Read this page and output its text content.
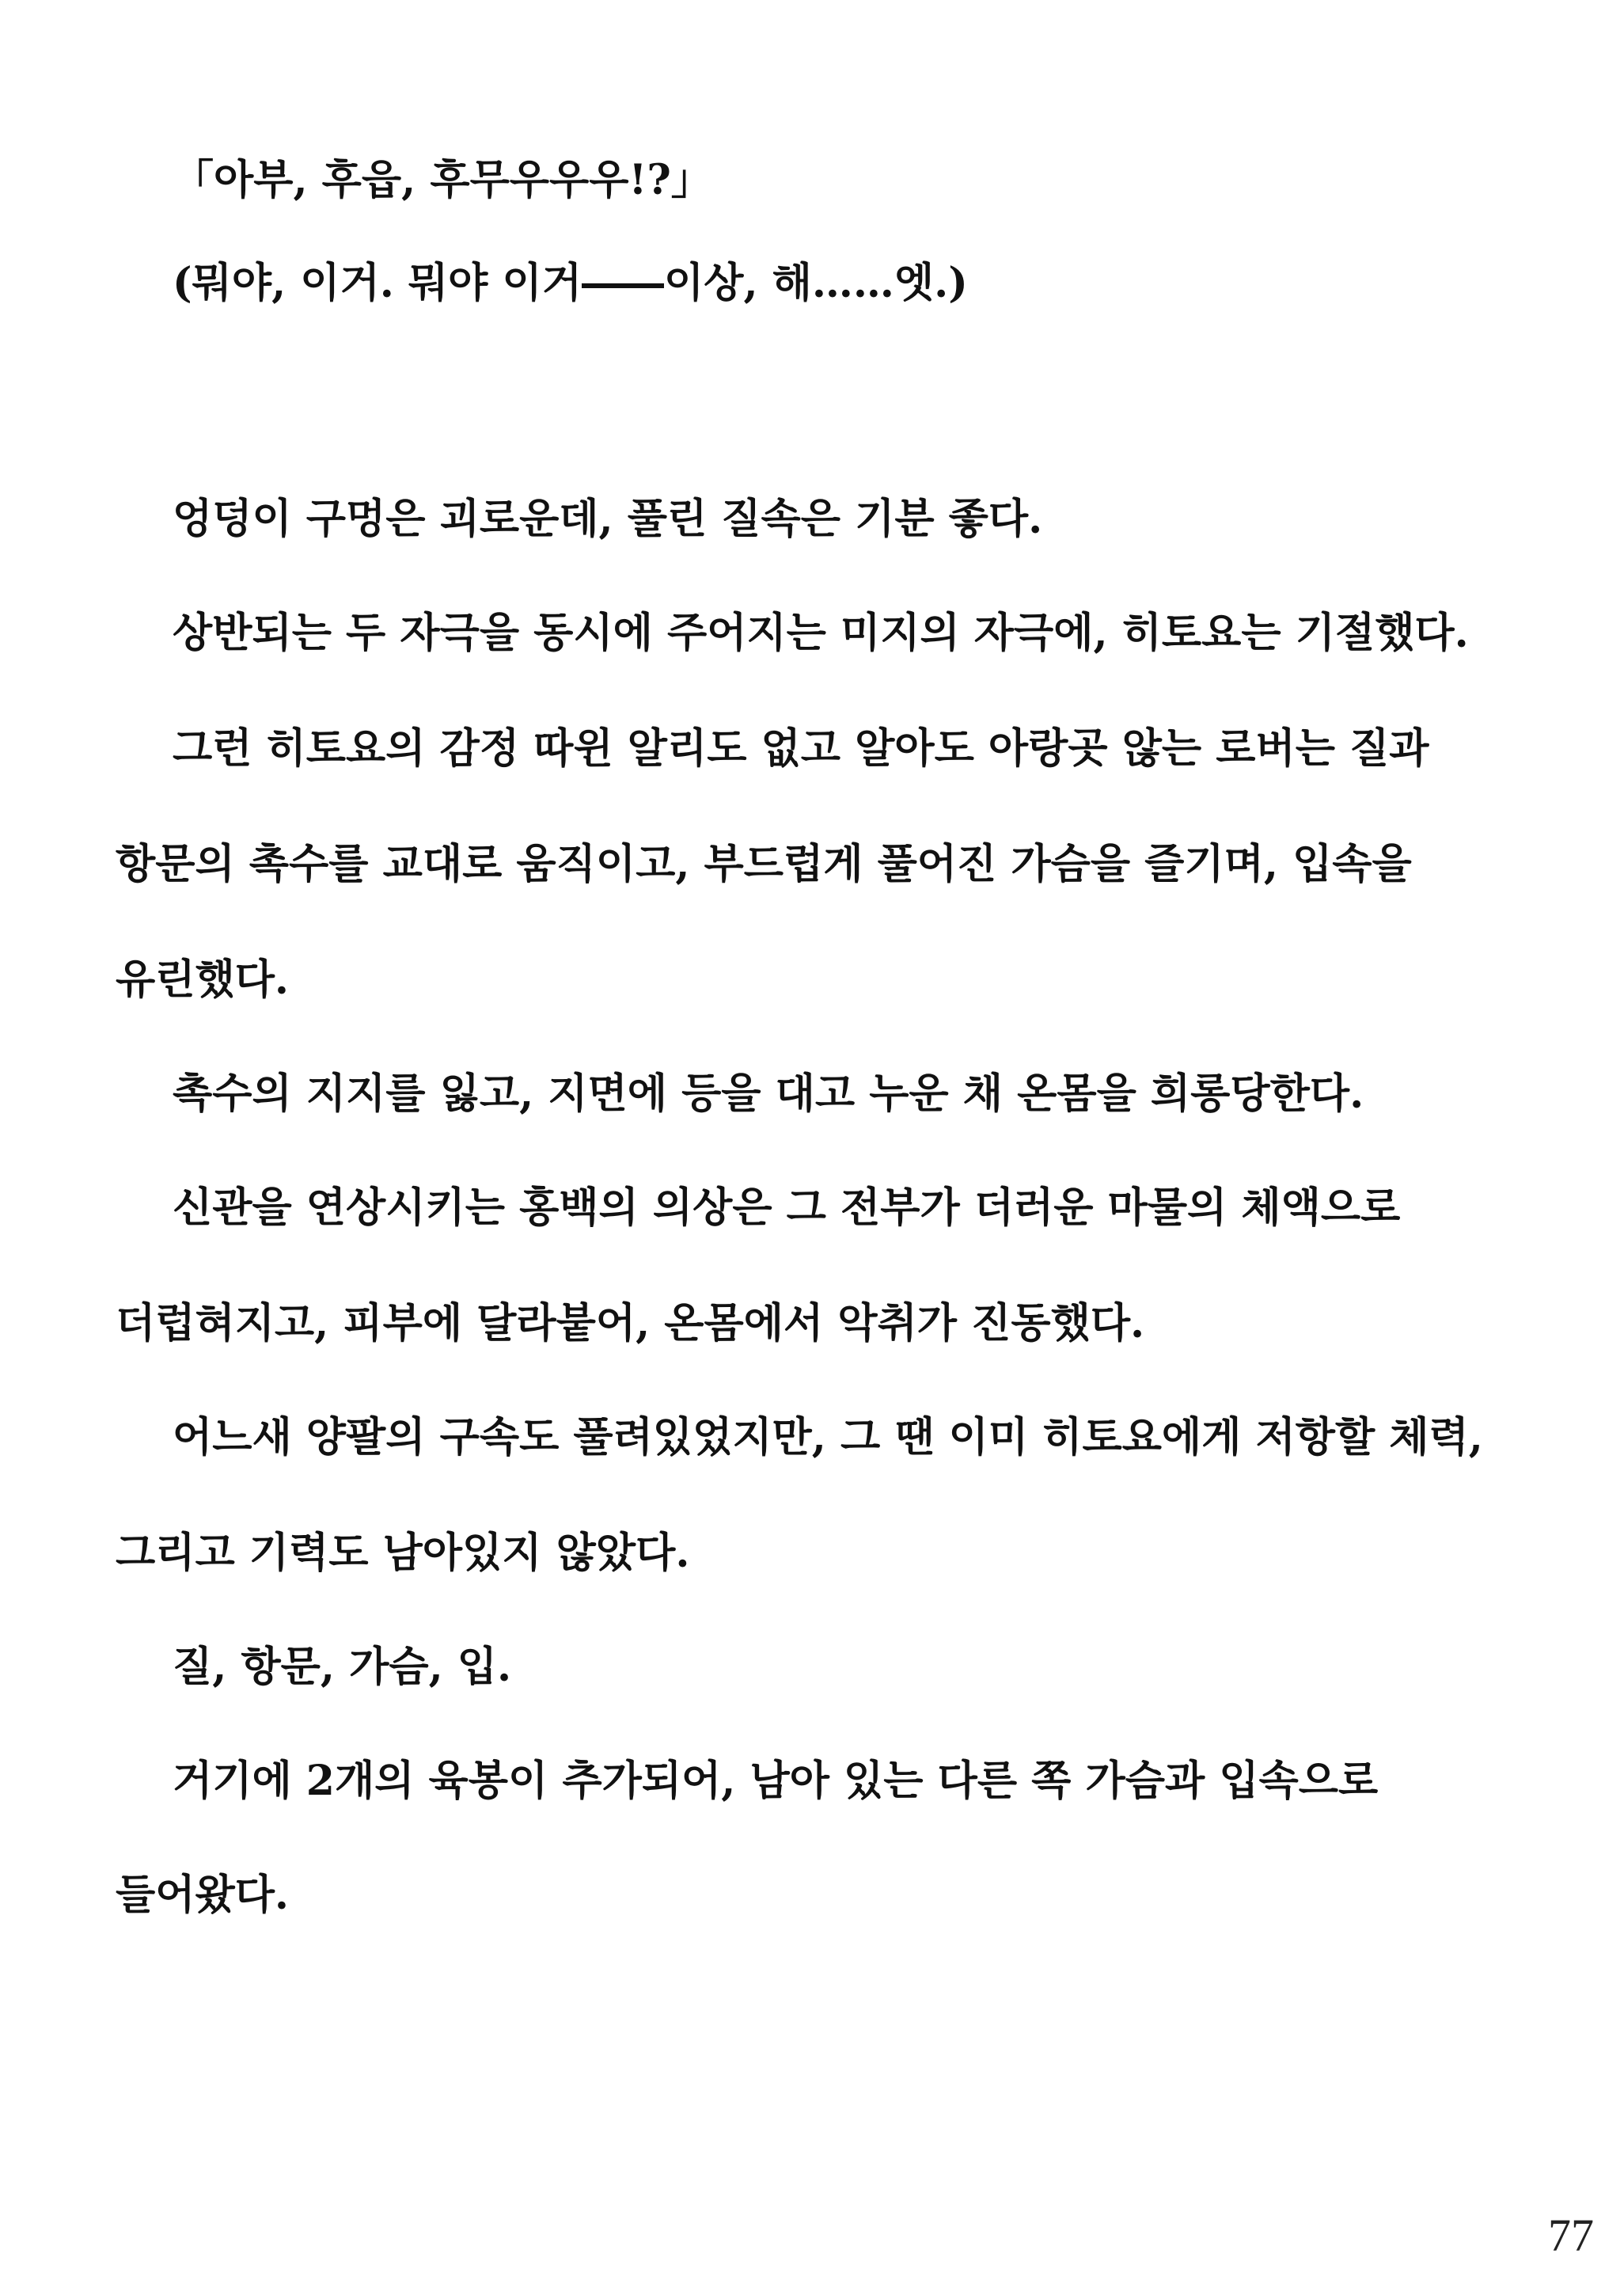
「아부, 후읍, 후무우우우!?」
(뭐야, 이거. 뭐야 이거――이상, 해……엣.)
엉덩이 구멍은 괴로운데, 풀린 질속은 기분 좋다.
상반되는 두 자극을 동시에 주어지는 미지의 자극에, 히토요는 기절했다.
그런 히토요의 감정 따윈 알리도 없고 알아도 아랑곳 않는 로버는 질과
항문의 촉수를 교대로 움직이고, 부드럽게 풀어진 가슴을 즐기며, 입속을
유린했다.
촉수의 지지를 잃고, 지면에 등을 대고 누운 채 온몸을 희롱당한다.
신관을 연상시키는 홍백의 의상은 그 전부가 더러운 마물의 체액으로
더럽혀지고, 피부에 달라붙어, 온몸에서 악취가 진동했다.
어느새 양팔의 구속도 풀려있었지만, 그 땐 이미 히토요에게 저항할 체력,
그리고 기력도 남아있지 않았다.
질, 항문, 가슴, 입.
거기에 2개의 육봉이 추가되어, 남아 있는 다른 쪽 가슴과 입속으로
들어왔다.
77
